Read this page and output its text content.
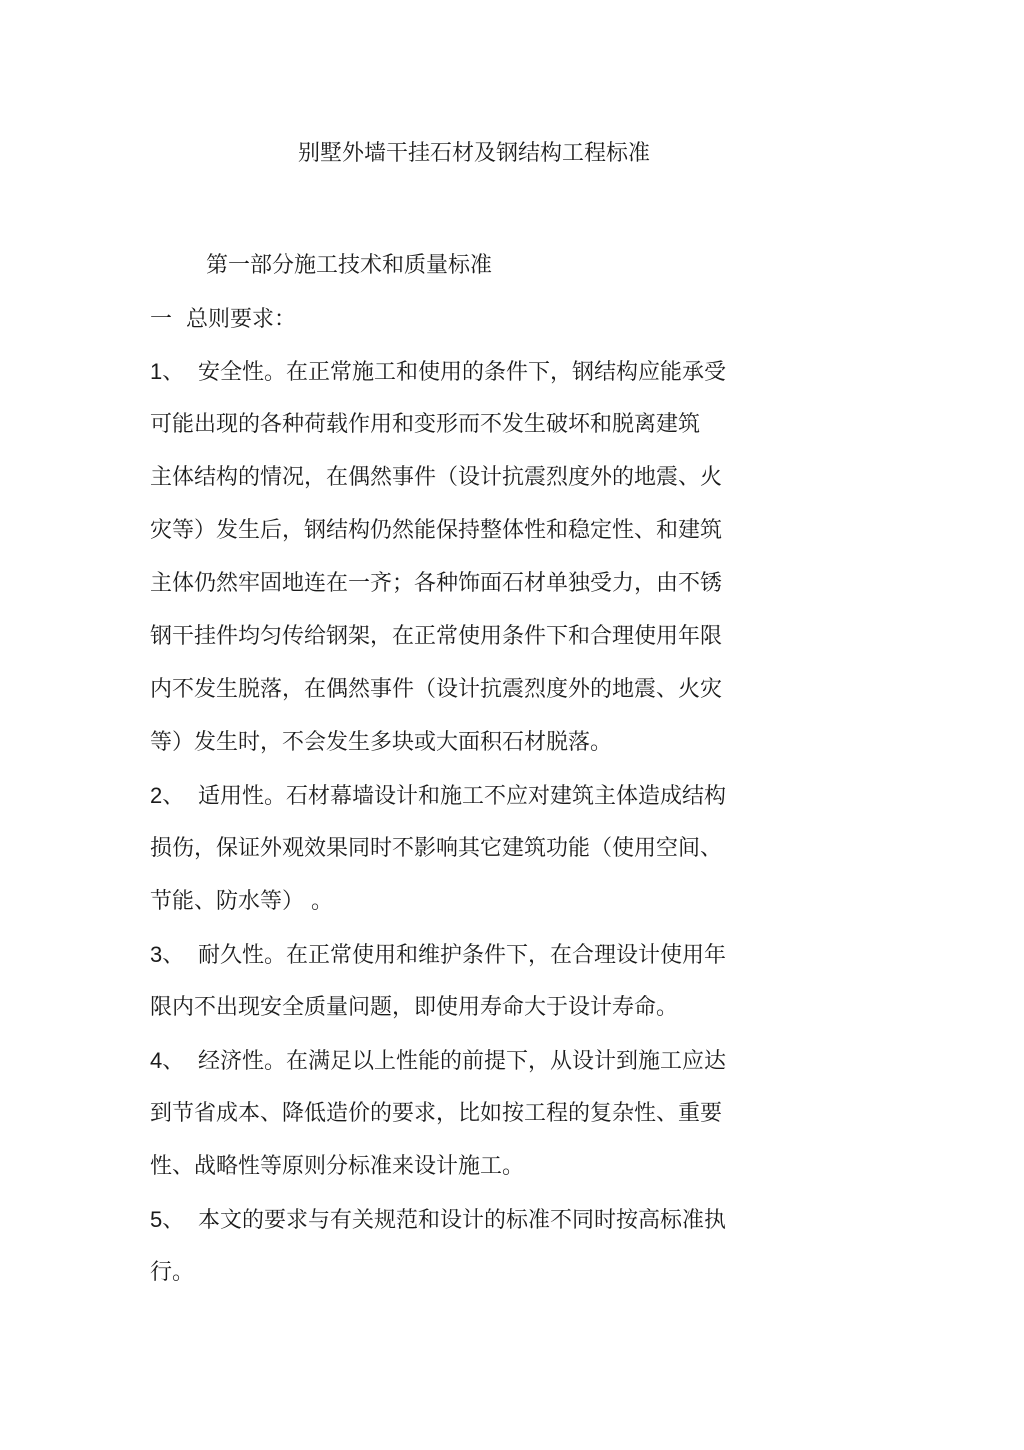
别墅外墙干挂石材及钢结构工程标准
第一部分施工技术和质量标准
一 总则要求：

1、 安全性。在正常施工和使用的条件下，钢结构应能承受

可能出现的各种荷载作用和变形而不发生破坏和脱离建筑

主体结构的情况，在偶然事件（设计抗震烈度外的地震、火

灾等）发生后，钢结构仍然能保持整体性和稳定性、和建筑

主体仍然牢固地连在一齐；各种饰面石材单独受力，由不锈

钢干挂件均匀传给钢架，在正常使用条件下和合理使用年限

内不发生脱落，在偶然事件（设计抗震烈度外的地震、火灾

等）发生时，不会发生多块或大面积石材脱落。

2、 适用性。石材幕墙设计和施工不应对建筑主体造成结构

损伤，保证外观效果同时不影响其它建筑功能（使用空间、

节能、防水等） 。

3、 耐久性。在正常使用和维护条件下，在合理设计使用年

限内不出现安全质量问题，即使用寿命大于设计寿命。

4、 经济性。在满足以上性能的前提下，从设计到施工应达

到节省成本、降低造价的要求，比如按工程的复杂性、重要

性、战略性等原则分标准来设计施工。

5、 本文的要求与有关规范和设计的标准不同时按高标准执

行。
